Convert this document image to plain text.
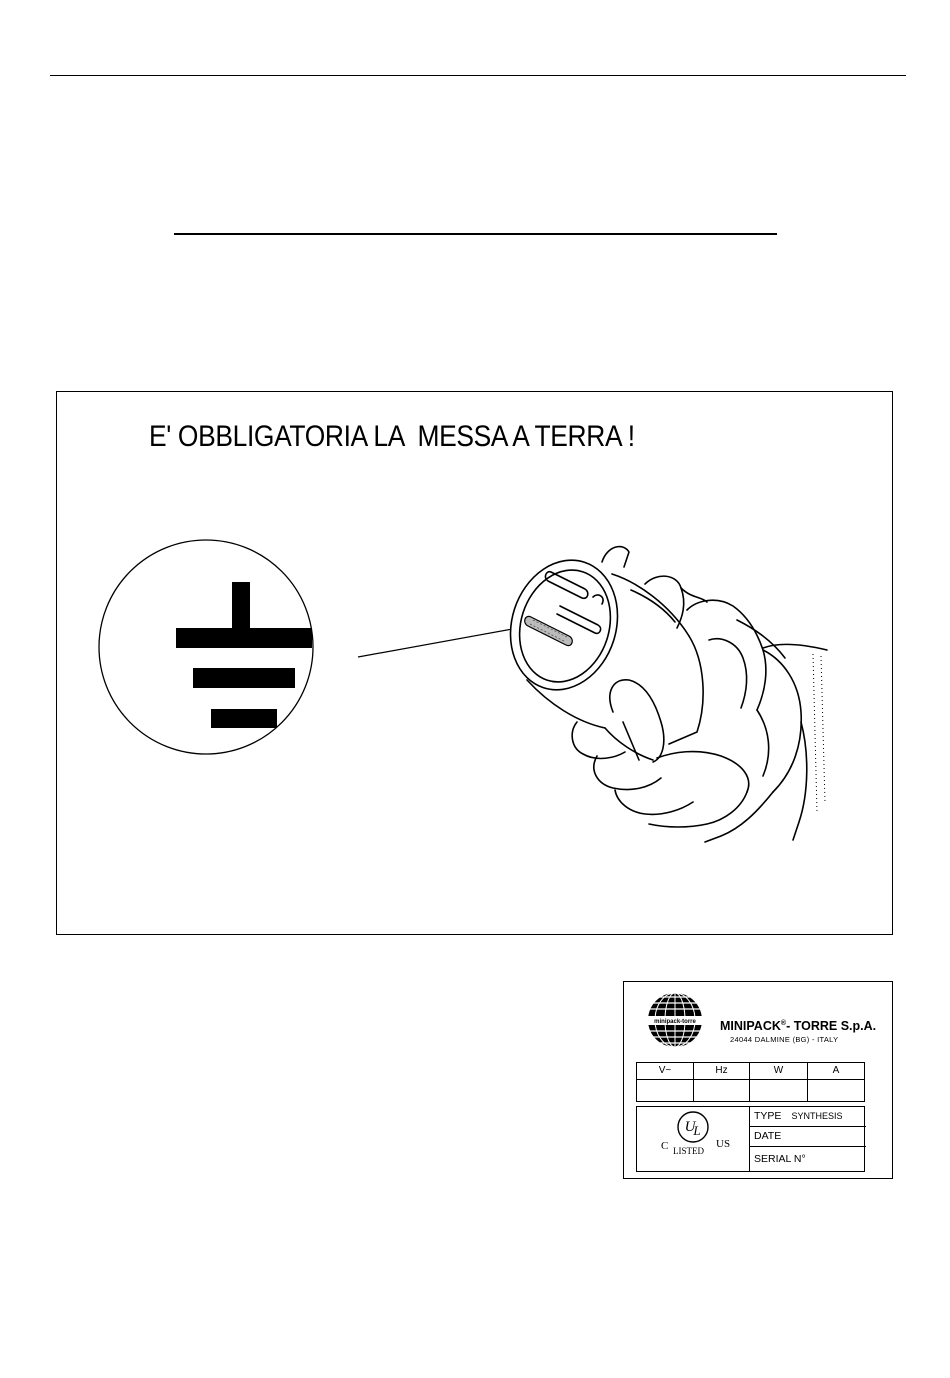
E' OBBLIGATORIA LA  MESSA A TERRA !
minipack-torre MINIPACK®- TORRE S.p.A.
24044 DALMINE (BG) - ITALY
V~	Hz	W	A
U
L
C LISTED
US
TYPE SYNTHESIS
DATE
SERIAL N°
